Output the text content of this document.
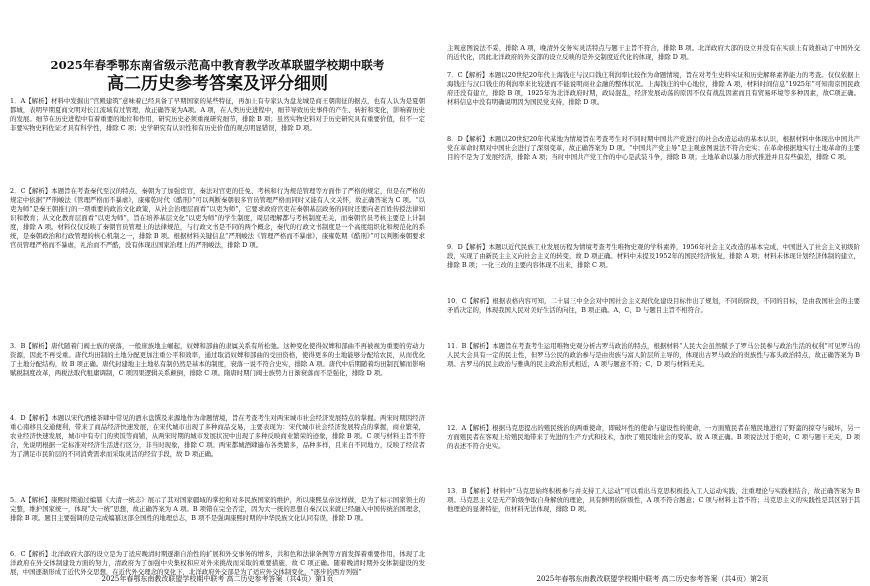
2025年春季鄂东南省级示范高中教育教学改革联盟学校期中联考
高二历史参考答案及评分细则

1．A【解析】材料中发掘出“宫殿建筑”意味着已经具备了早期国家的某些特征，再加上有专家认为盘龙城是商王朝南征的据点，也有人认为是夏朝都城，表明早期夏商文明对长江流域有过管理，故正确答案为A项。A 项，在人类历史进程中，细节导致历史事件的产生、转折和变化，影响着历史的发展。细节在历史进程中有着重要的地位和作用，研究历史必须重视研究细节，排除 B 项；虽然实物史料对于历史研究具有重要价值，但不一定非要实物史料佐证才具有科学性，排除 C 项；史学研究有认识性和有历史价值的观点明显错误，排除 D 项。

2．C【解析】本题旨在考查秦代至汉的特点，秦朝为了加强宦官，秦法对官吏的任免、考核和行为规范管理等方面作了严格的规定，但是在严格的规定中依据“严刑峻法《管理严格而不暴虐》，康雍乾时代《酷刑》”可以判断秦朝很多官员管理严格而同时又能有人文关怀，故正确答案为 C 项。“以吏为师”是秦王朝推行的一项重要的政治文化政策，从社会治理层面看“以吏为师”，它要求政府官吏在秦朝基层政务的同时还要向老百姓传授法律知识和教育；从文化教育层面看“以吏为师”，旨在培养基层文化“以吏为师”的学生制度，周层理解都与考核制度无关，而秦朝官员考核主要是上计制度，排除 A 项。材料仅仅反映了秦朝官员管理上的法律规范，与行政文书是不同的两个概念，秦代的行政文书制度是一个高度组织化和规范化的系统，是秦朝政治和行政管理的核心机制之一，排除 B 项。根据材料关键信息“严刑峻法《管理严格而不暴虐》，康雍乾期《酷刑》”可以判断秦朝要求官员管理严格而不暴虐，礼治而不严酷，没有体现出国家治理上的严刑峻法，排除 D 项。

3．B【解析】唐代随着门阀士族的衰落，一般庶族地主崛起，奴婢和部曲的隶属关系有所松弛。这种变化使得奴婢和部曲不再被视为重要的劳动力资源，因此不再受重。唐代均田制的土地分配更加注重公平和效率，通过取消奴婢和部曲的受田资格，使得更多的土地能够分配给农民，从而优化了土地分配结构，故 B 项正确。唐代封建地主土地私有制仍然是基本的制度，衰落一说不符合史实，排除 A 项。唐代中后期随着均田制瓦解而影响赋税制度改革，两税法取代租庸调制，C 项因果逻辑关系颠倒，排除 C 项。隋唐时期门阀士族势力日渐衰落而不是强化，排除 D 项。

4．D【解析】本题以宋代酒楼茶肆中常见的酒水盘馔及来源地作为命题情境，旨在考查考生对两宋城市社会经济发展特点的掌握。两宋时期因经济重心南移且交通便利，带来了商品经济快速发展，在宋代城市出现了多种商品交易，主要表现为：宋代城市社会经济发展特点的掌握，商业繁荣，农业经济快速发展，城市中有专门的卖饭等商铺，从两宋时期的城市发展状况中出现了多种反映商业繁荣的迹象，排除 B 项。C 项与材料主旨不符合，先说明根据一定标准对经济生活进行区分，非当时现象，排除 C 项。两宋都城酒肆遍布各类繁多，品种多样，且来自不同地方，反映了经营者为了满足市民阶层的不同消费需求而采取灵活的经营手段，故 D 项正确。

5．A【解析】康熙时期通过编纂《大清一统志》展示了其对国家疆域的掌控和对多民族国家的维护，所以康熙皇帝这样做，是为了标示国家领土的完整，维护国家统一，体现“大一统”思想，故正确答案为 A 项。B 项错在完全否定，因为大一统的思想自秦汉以来就已经融入中国传统治国理念，排除 B 项。题目主要强调的是完成编纂这部全国性的地理总志，B 项不是强调康熙时期的中华民族文化认同有误，排除 D 项。

6．C【解析】北洋政府大部的设立是为了适应晚清时期逐渐自治性的扩展和外交事务的增多，共和色和法律条例等方面发挥着重要作用，体现了北洋政府在外交体制建设方面的努力，清政府为了加强中央集权和应对外来挑战而采取的重要措施，故 C 项正确。随着晚清时期外交体制建设的发展，中国逐渐形成了近代外交思想，在近代外交理念的变化下，北洋政府外交部是为了适应外交体制变化，“逐步的西方列强”

2025年春鄂东南教改联盟学校期中联考 高二历史参考答案（共4页）第1页

主观意图说法不妥，排除 A 项，晚清外交务实灵活特点与题干主旨不符合，排除 B 项。北洋政府大部的设立并没有在实质上有效推动了中国外交的近代化，因此北洋政府的外交部的设立反映的是外交制度近代化的体现，排除 D 项。

7．C【解析】本题以20世纪20年代上海钱庄与汉口钱庄利润率比较作为命题情境，旨在对考生史料实证和历史解释素养能力的考查。仅仅依据上海钱庄与汉口钱庄的利润率来比较进而不能说明商业金融的整体状况。上海钱庄的中心地位，排除 A 项，材料时间信息“1925年”可知南京国民政府还没有建立，排除 B 项，1925年为北洋政府时期，政局混乱，经济发展动荡的原因不仅有战乱因素而且有贸易环境等多种因素，故C项正确。材料信息中没有明确说明因为国民党支持，排除 D 项。

8．D【解析】本题以20世纪20年代某地为情境旨在考查考生对不同时期中国共产党进行的社会改造运动的基本认识，根据材料中体现出中国共产党在革命时期对中国社会进行了深刻变革，故正确答案为 D 项。“中国共产党主导”是主观意图说法不符合史实；在革命根据地实行土地革命的主要目的不是为了发展经济，排除 A 项；当时中国共产党工作的中心是武装斗争，排除 B 项；土地革命以暴力形式推进并且有些偏差，排除 C 项。

9．D【解析】本题以近代民族工业发展历程为情境考查考生唯物史观的学科素养，1956年社会主义改造的基本完成，中国进入了社会主义初级阶段，实现了由新民主主义向社会主义的转变，故 D 项正确。材料中未提及1952年的国民经济恢复，排除 A 项；材料未体现计划经济体制的建立，排除 B 项；一化三改的主要内容体现不出来，排除 C 项。

10．C【解析】根据表格内容可知，二十届三中全会对中国社会主义现代化建设目标作出了规划，不同的阶段，不同的目标，是由我国社会的主要矛盾决定的，体现我国人民对美好生活的向往，B 项正确。A、C、D 与题目主旨不相符合。

11．B【解析】本题旨在考查考生运用唯物史观分析古罗马政治的特点，根据材料“人民大会虽然赋予了罗马公民参与政治生活的权利”可见罗马的人民大会具有一定的民主性，但罗马公民的政治参与是由贵族与富人阶层所主导的，体现出古罗马政治的贵族性与寡头政治特点，故正确答案为 B 项。古罗马的民主政治与雅典的民主政治形式相近，A 项与题意不符；C、D 项与材料无关。

12．A【解析】根据马克思提出的殖民统治的两重使命，即破坏性的使命与建设性的使命，一方面殖民者在殖民地进行了野蛮的掠夺与破坏，另一方面殖民者在客观上给殖民地带来了先进的生产方式和技术，加快了殖民地社会的变革。故 A 项正确。B 项说法过于绝对，C 项与题干无关，D 项的表述不符合史实。

13．B【解析】材料中“马克思始终积极参与并支持工人运动”可以看出马克思积极投入工人运动实践，注重理论与实践相结合，故正确答案为 B 项。马克思主义是无产阶级争取自身解放的理论，具有鲜明的阶级性，A 项不符合题意；C 项与材料主旨不符；马克思主义的实践性是其区别于其他理论的显著特征，但材料无法体现，排除 D 项。

2025年春鄂东南教改联盟学校期中联考 高二历史参考答案（共4页）第2页
